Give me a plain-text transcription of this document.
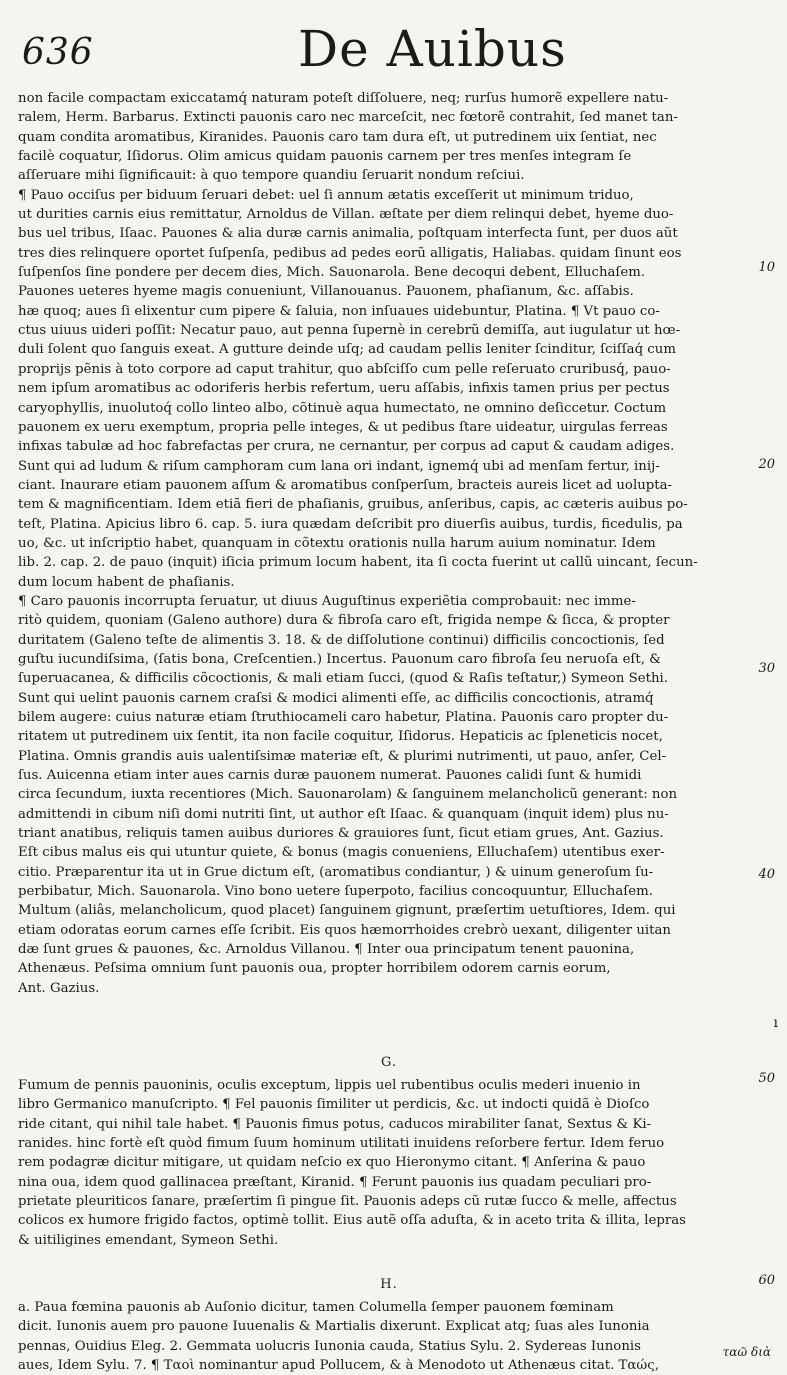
636	De Auibus
non facile compactam exiccatamq́ naturam poteſt diſſoluere, neq; rurſus humorẽ expellere natu-
ralem, Herm. Barbarus. Extincti pauonis caro nec marceſcit, nec fœtorẽ contrahit, ſed manet tan-
quam condita aromatibus, Kiranides. Pauonis caro tam dura eſt, ut putredinem uix ſentiat, nec
facilè coquatur, Iſidorus. Olim amicus quidam pauonis carnem per tres menſes integram ſe
aſſeruare mihi ſignificauit: à quo tempore quandiu ſeruarit nondum reſciui.
¶ Pauo occiſus per biduum ſeruari debet: uel ſi annum ætatis exceſſerit ut minimum triduo,
ut durities carnis eius remittatur, Arnoldus de Villan. æſtate per diem relinqui debet, hyeme duo-
bus uel tribus, Iſaac. Pauones & alia duræ carnis animalia, poſtquam interfecta ſunt, per duos aũt
tres dies relinquere oportet ſuſpenſa, pedibus ad pedes eorũ alligatis, Haliabas. quidam ſinunt eos
ſuſpenſos ſine pondere per decem dies, Mich. Sauonarola. Bene decoqui debent, Elluchaſem.
Pauones ueteres hyeme magis conueniunt, Villanouanus. Pauonem, phaſianum, &c. aſſabis.
hæ quoq; aues ſi elixentur cum pipere & ſaluia, non inſuaues uidebuntur, Platina. ¶ Vt pauo co-
ctus uiuus uideri poſſit: Necatur pauo, aut penna ſupernè in cerebrũ demiſſa, aut iugulatur ut hœ-
duli ſolent quo ſanguis exeat. A gutture deinde uſq; ad caudam pellis leniter ſcinditur, ſciſſaq́ cum
proprijs pẽnis à toto corpore ad caput trahitur, quo abſciſſo cum pelle reſeruato cruribusq́, pauo-
nem ipſum aromatibus ac odoriferis herbis refertum, ueru aſſabis, infixis tamen prius per pectus
caryophyllis, inuolutoq́ collo linteo albo, cõtinuè aqua humectato, ne omnino deſiccetur. Coctum
pauonem ex ueru exemptum, propria pelle integes, & ut pedibus ſtare uideatur, uirgulas ferreas
infixas tabulæ ad hoc fabrefactas per crura, ne cernantur, per corpus ad caput & caudam adiges.
Sunt qui ad ludum & riſum camphoram cum lana ori indant, ignemq́ ubi ad menſam fertur, inij-
ciant. Inaurare etiam pauonem aſſum & aromatibus conſperſum, bracteis aureis licet ad uolupta-
tem & magnificentiam. Idem etiã fieri de phaſianis, gruibus, anſeribus, capis, ac cæteris auibus po-
teſt, Platina. Apicius libro 6. cap. 5. iura quædam deſcribit pro diuerſis auibus, turdis, ficedulis, pa
uo, &c. ut inſcriptio habet, quanquam in cõtextu orationis nulla harum auium nominatur. Idem
lib. 2. cap. 2. de pauo (inquit) iſicia primum locum habent, ita ſi cocta fuerint ut callũ uincant, ſecun-
dum locum habent de phaſianis.
¶ Caro pauonis incorrupta ſeruatur, ut diuus Auguſtinus experiẽtia comprobauit: nec imme-
ritò quidem, quoniam (Galeno authore) dura & fibroſa caro eſt, frigida nempe & ſicca, & propter
duritatem (Galeno teſte de alimentis 3. 18. & de diſſolutione continui) difficilis concoctionis, ſed
guſtu iucundiſsima, (ſatis bona, Creſcentien.) Incertus. Pauonum caro fibroſa ſeu neruoſa eſt, &
ſuperuacanea, & difficilis cõcoctionis, & mali etiam ſucci, (quod & Raſis teſtatur,) Symeon Sethi.
Sunt qui uelint pauonis carnem craſsi & modici alimenti eſſe, ac difficilis concoctionis, atramq́
bilem augere: cuius naturæ etiam ſtruthiocameli caro habetur, Platina. Pauonis caro propter du-
ritatem ut putredinem uix ſentit, ita non facile coquitur, Iſidorus. Hepaticis ac ſpleneticis nocet,
Platina. Omnis grandis auis ualentiſsimæ materiæ eſt, & plurimi nutrimenti, ut pauo, anſer, Cel-
ſus. Auicenna etiam inter aues carnis duræ pauonem numerat. Pauones calidi ſunt & humidi
circa ſecundum, iuxta recentiores (Mich. Sauonarolam) & ſanguinem melancholicũ generant: non
admittendi in cibum niſi domi nutriti ſint, ut author eſt Iſaac. & quanquam (inquit idem) plus nu-
triant anatibus, reliquis tamen auibus duriores & grauiores ſunt, ſicut etiam grues, Ant. Gazius.
Eſt cibus malus eis qui utuntur quiete, & bonus (magis conueniens, Elluchaſem) utentibus exer-
citio. Præparentur ita ut in Grue dictum eſt, (aromatibus condiantur, ) & uinum generoſum ſu-
perbibatur, Mich. Sauonarola. Vino bono uetere ſuperpoto, facilius concoquuntur, Elluchaſem.
Multum (aliâs, melancholicum, quod placet) ſanguinem gignunt, præſertim uetuſtiores, Idem. qui
etiam odoratas eorum carnes eſſe ſcribit. Eis quos hæmorrhoides crebrò uexant, diligenter uitan
dæ ſunt grues & pauones, &c. Arnoldus Villanou. ¶ Inter oua principatum tenent pauonina,
Athenæus. Peſsima omnium ſunt pauonis oua, propter horribilem odorem carnis eorum,
Ant. Gazius.
G.
Fumum de pennis pauoninis, oculis exceptum, lippis uel rubentibus oculis mederi inuenio in
libro Germanico manuſcripto. ¶ Fel pauonis ſimiliter ut perdicis, &c. ut indocti quidã è Dioſco
ride citant, qui nihil tale habet. ¶ Pauonis fimus potus, caducos mirabiliter ſanat, Sextus & Ki-
ranides. hinc fortè eſt quòd fimum ſuum hominum utilitati inuidens reſorbere fertur. Idem feruo
rem podagræ dicitur mitigare, ut quidam neſcio ex quo Hieronymo citant. ¶ Anſerina & pauo
nina oua, idem quod gallinacea præſtant, Kiranid. ¶ Ferunt pauonis ius quadam peculiari pro-
prietate pleuriticos ſanare, præſertim ſi pingue ſit. Pauonis adeps cũ rutæ ſucco & melle, affectus
colicos ex humore frigido factos, optimè tollit. Eius autẽ oſſa aduſta, & in aceto trita & illita, lepras
& uitiligines emendant, Symeon Sethi.
H.
a. Paua fœmina pauonis ab Auſonio dicitur, tamen Columella ſemper pauonem fœminam
dicit. Iunonis auem pro pauone Iuuenalis & Martialis dixerunt. Explicat atq; ſuas ales Iunonia
pennas, Ouidius Eleg. 2. Gemmata uolucris Iunonia cauda, Statius Sylu. 2. Sydereas Iunonis
aues, Idem Sylu. 7. ¶ Ταοὶ nominantur apud Pollucem, & à Menodoto ut Athenæus citat. Ταώς,
10
20
30
40
50
60
ı
ταῶ διὰ
